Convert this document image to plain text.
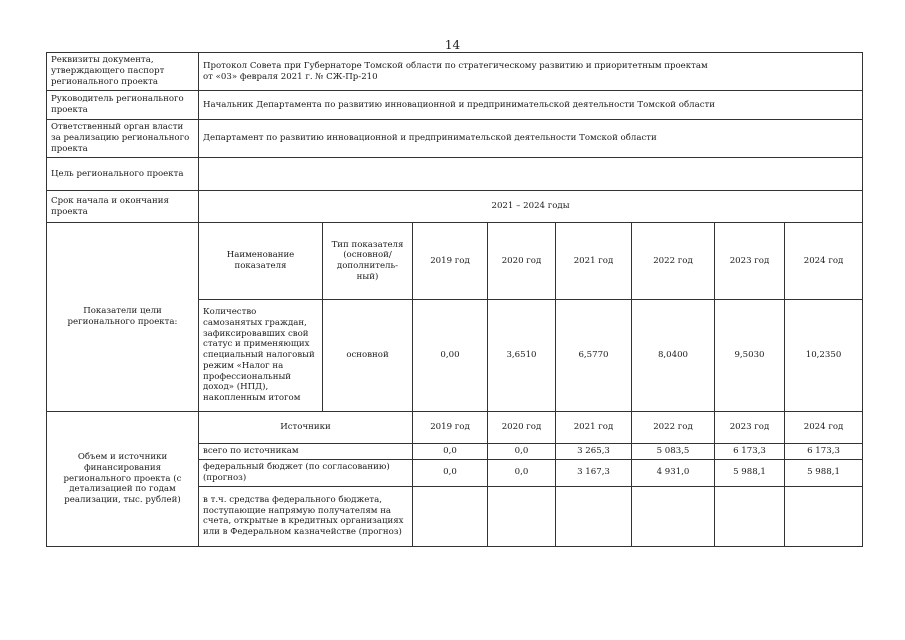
14
Реквизиты документа, утверждающего паспорт регионального проекта	Протокол Совета при Губернаторе Томской области по стратегическому развитию и приоритетным проектам
от «03» февраля 2021 г. № СЖ-Пр-210							

Руководитель регионального проекта	Начальник Департамента по развитию инновационной и предпринимательской деятельности Томской области							
Ответственный орган власти за реализацию регионального проекта	Департамент по развитию инновационной и предпринимательской деятельности Томской области							
Цель регионального проекта								
Срок начала и окончания проекта	2021 – 2024 годы							
Показатели цели регионального проекта:	Наименование показателя	Тип показателя (основной/ дополнитель-ный)	2019 год	2020 год	2021 год	2022 год	2023 год	2024 год
	Количество самозанятых граждан, зафиксировавших свой статус и применяющих специальный налоговый режим «Налог на профессиональный доход» (НПД), накопленным итогом	основной	0,00	3,6510	6,5770	8,0400	9,5030	10,2350
Объем и источники финансирования регионального проекта (с детализацией по годам реализации, тыс. рублей)	Источники		2019 год	2020 год	2021 год	2022 год	2023 год	2024 год
	всего по источникам		0,0	0,0	3 265,3	5 083,5	6 173,3	6 173,3
	федеральный бюджет (по согласованию) (прогноз)		0,0	0,0	3 167,3	4 931,0	5 988,1	5 988,1
	в т.ч. средства федерального бюджета, поступающие напрямую получателям на счета, открытые в кредитных организациях или в Федеральном казначействе (прогноз)							
